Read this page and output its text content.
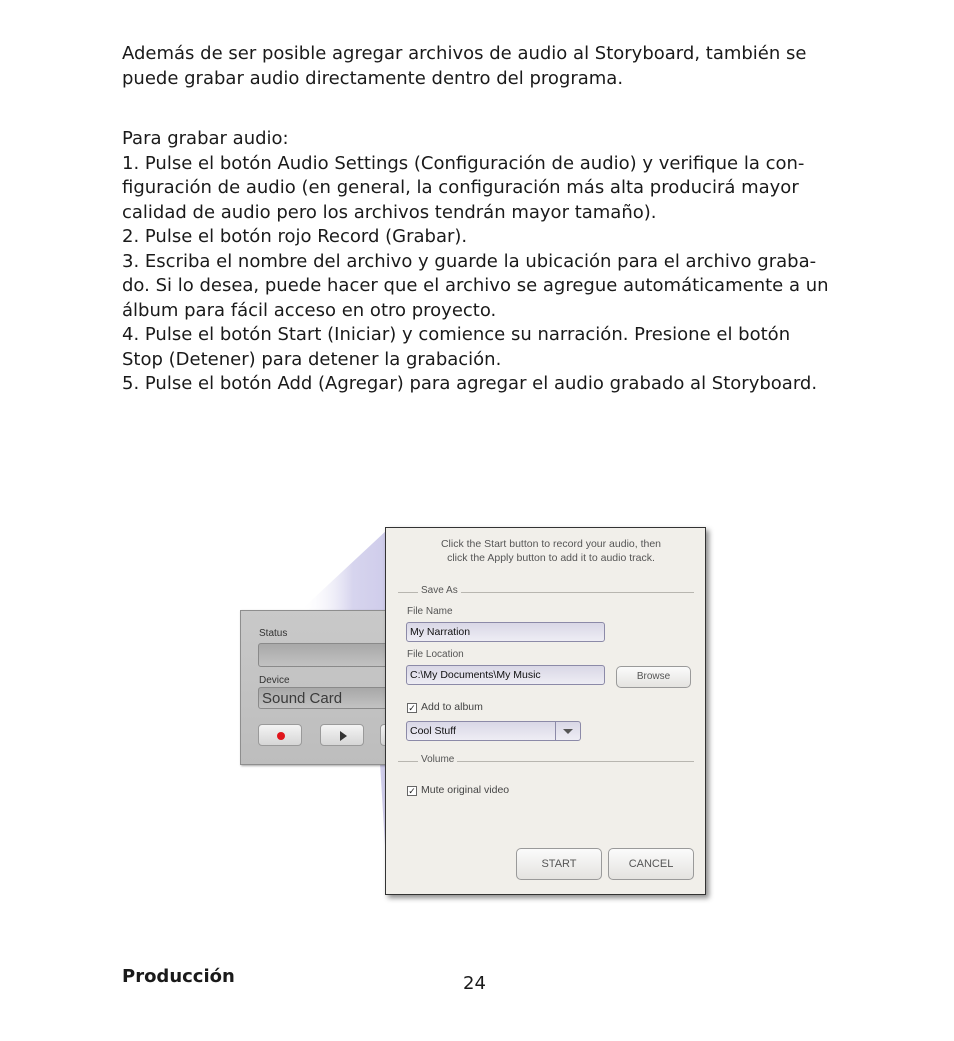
Además de ser posible agregar archivos de audio al Storyboard, también se

puede grabar audio directamente dentro del programa.

Para grabar audio:

1. Pulse el botón Audio Settings (Configuración de audio) y verifique la con-

figuración de audio (en general, la configuración más alta producirá mayor

calidad de audio pero los archivos tendrán mayor tamaño).

2. Pulse el botón rojo Record (Grabar).

3. Escriba el nombre del archivo y guarde la ubicación para el archivo graba-

do. Si lo desea, puede hacer que el archivo se agregue automáticamente a un

álbum para fácil acceso en otro proyecto.

4. Pulse el botón Start (Iniciar) y comience su narración. Presione el botón

Stop (Detener) para detener la grabación.

5. Pulse el botón Add (Agregar) para agregar el audio grabado al Storyboard.

Status
Device
Sound Card
Click the Start button to record your audio, then
click the Apply button to add it to audio track.
Save As
File Name
My Narration
File Location
C:\My Documents\My Music	Browse
✓ Add to album
Cool Stuff
Volume
✓ Mute original video
START	CANCEL
Producción	24
